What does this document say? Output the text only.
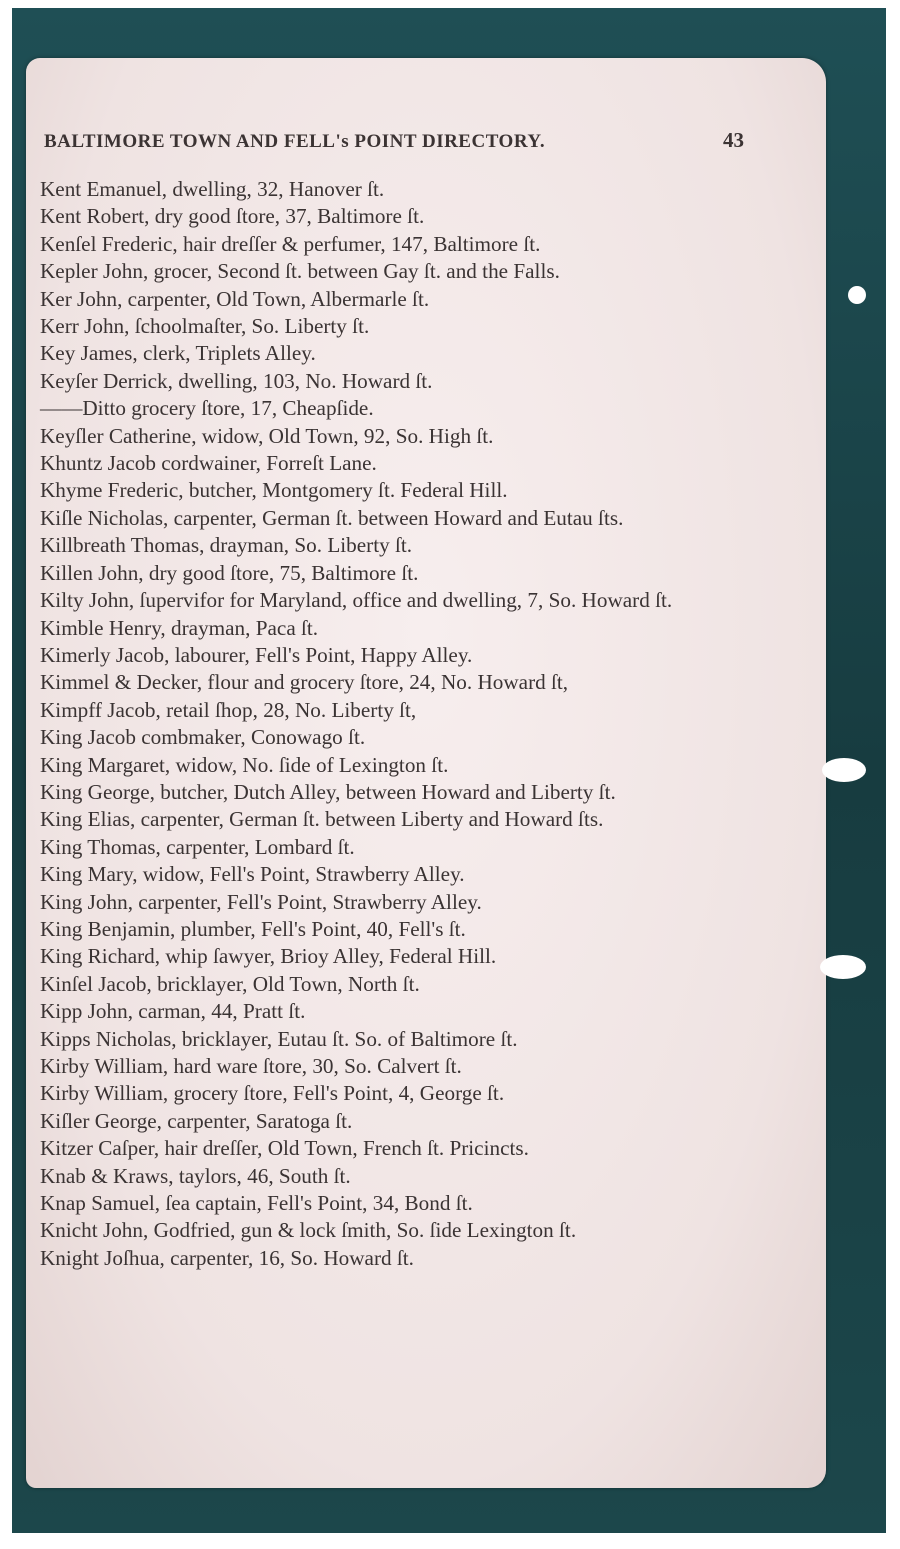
BALTIMORE TOWN AND FELL's POINT DIRECTORY.	43
Kent Emanuel, dwelling, 32, Hanover ſt.
Kent Robert, dry good ſtore, 37, Baltimore ſt.
Kenſel Frederic, hair dreſſer & perfumer, 147, Baltimore ſt.
Kepler John, grocer, Second ſt. between Gay ſt. and the Falls.
Ker John, carpenter, Old Town, Albermarle ſt.
Kerr John, ſchoolmaſter, So. Liberty ſt.
Key James, clerk, Triplets Alley.
Keyſer Derrick, dwelling, 103, No. Howard ſt.
——Ditto grocery ſtore, 17, Cheapſide.
Keyſler Catherine, widow, Old Town, 92, So. High ſt.
Khuntz Jacob cordwainer, Forreſt Lane.
Khyme Frederic, butcher, Montgomery ſt. Federal Hill.
Kiſle Nicholas, carpenter, German ſt. between Howard and Eutau ſts.
Killbreath Thomas, drayman, So. Liberty ſt.
Killen John, dry good ſtore, 75, Baltimore ſt.
Kilty John, ſupervifor for Maryland, office and dwelling, 7, So. Howard ſt.
Kimble Henry, drayman, Paca ſt.
Kimerly Jacob, labourer, Fell's Point, Happy Alley.
Kimmel & Decker, flour and grocery ſtore, 24, No. Howard ſt,
Kimpff Jacob, retail ſhop, 28, No. Liberty ſt,
King Jacob combmaker, Conowago ſt.
King Margaret, widow, No. ſide of Lexington ſt.
King George, butcher, Dutch Alley, between Howard and Liberty ſt.
King Elias, carpenter, German ſt. between Liberty and Howard ſts.
King Thomas, carpenter, Lombard ſt.
King Mary, widow, Fell's Point, Strawberry Alley.
King John, carpenter, Fell's Point, Strawberry Alley.
King Benjamin, plumber, Fell's Point, 40, Fell's ſt.
King Richard, whip ſawyer, Brioy Alley, Federal Hill.
Kinſel Jacob, bricklayer, Old Town, North ſt.
Kipp John, carman, 44, Pratt ſt.
Kipps Nicholas, bricklayer, Eutau ſt. So. of Baltimore ſt.
Kirby William, hard ware ſtore, 30, So. Calvert ſt.
Kirby William, grocery ſtore, Fell's Point, 4, George ſt.
Kiſler George, carpenter, Saratoga ſt.
Kitzer Caſper, hair dreſſer, Old Town, French ſt. Pricincts.
Knab & Kraws, taylors, 46, South ſt.
Knap Samuel, ſea captain, Fell's Point, 34, Bond ſt.
Knicht John, Godfried, gun & lock ſmith, So. ſide Lexington ſt.
Knight Joſhua, carpenter, 16, So. Howard ſt.
